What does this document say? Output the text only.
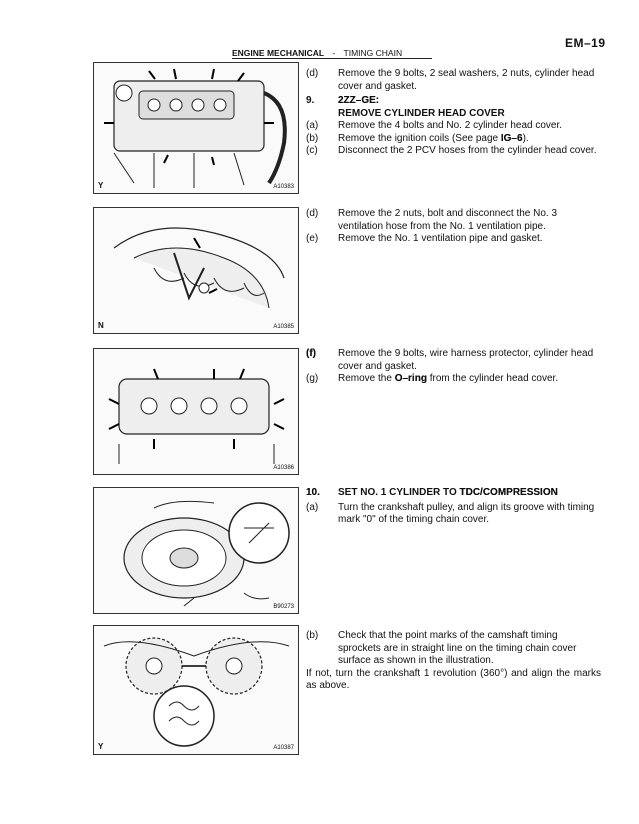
EM–19
ENGINE MECHANICAL - TIMING CHAIN
Y	A10383
N	A10385
A10386
B90273
Y	A10387
(d) Remove the 9 bolts, 2 seal washers, 2 nuts, cylinder head cover and gasket.
9. 2ZZ–GE:
REMOVE CYLINDER HEAD COVER
(a) Remove the 4 bolts and No. 2 cylinder head cover.
(b) Remove the ignition coils (See page IG–6).
(c) Disconnect the 2 PCV hoses from the cylinder head cover.
(d) Remove the 2 nuts, bolt and disconnect the No. 3 ventilation hose from the No. 1 ventilation pipe.
(e) Remove the No. 1 ventilation pipe and gasket.
(f) Remove the 9 bolts, wire harness protector, cylinder head cover and gasket.
(g) Remove the O–ring from the cylinder head cover.
10. SET NO. 1 CYLINDER TO TDC/COMPRESSION
(a) Turn the crankshaft pulley, and align its groove with timing mark "0" of the timing chain cover.
(b) Check that the point marks of the camshaft timing sprockets are in straight line on the timing chain cover surface as shown in the illustration.
If not, turn the crankshaft 1 revolution (360°) and align the marks as above.
